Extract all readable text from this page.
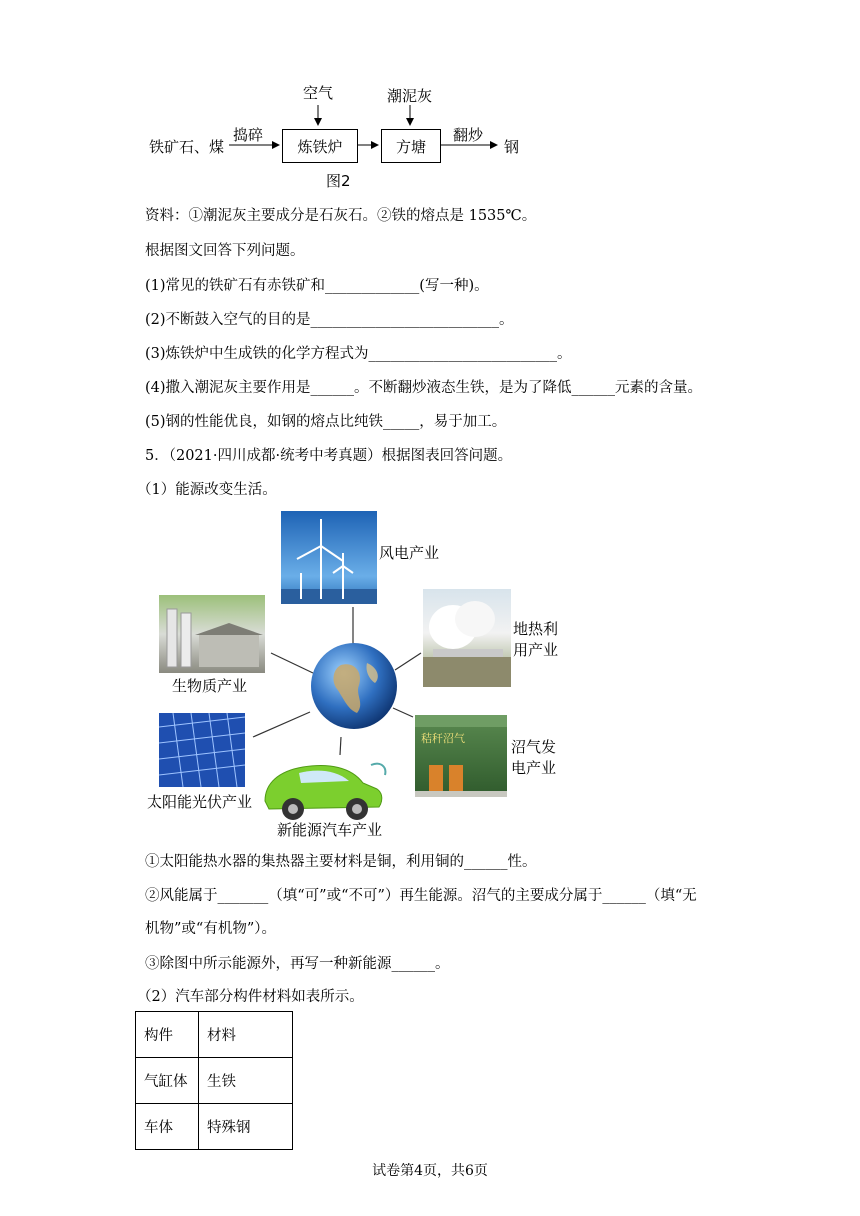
铁矿石、煤
捣碎
炼铁炉
空气
方塘
潮泥灰
翻炒
钢
图2
资料：①潮泥灰主要成分是石灰石。②铁的熔点是 1535℃。
根据图文回答下列问题。
(1)常见的铁矿石有赤铁矿和_____________(写一种)。
(2)不断鼓入空气的目的是__________________________。
(3)炼铁炉中生成铁的化学方程式为__________________________。
(4)撒入潮泥灰主要作用是______。不断翻炒液态生铁，是为了降低______元素的含量。
(5)钢的性能优良，如钢的熔点比纯铁_____，易于加工。
5．（2021·四川成都·统考中考真题）根据图表回答问题。
（1）能源改变生活。
风电产业
生物质产业
地热利
用产业
太阳能光伏产业
新能源汽车产业
秸秆沼气	沼气发
电产业
①太阳能热水器的集热器主要材料是铜，利用铜的______性。
②风能属于_______（填“可”或“不可”）再生能源。沼气的主要成分属于______（填“无
机物”或“有机物”）。
③除图中所示能源外，再写一种新能源______。
（2）汽车部分构件材料如表所示。
构件	材料
气缸体	生铁
车体	特殊钢
试卷第4页，共6页
